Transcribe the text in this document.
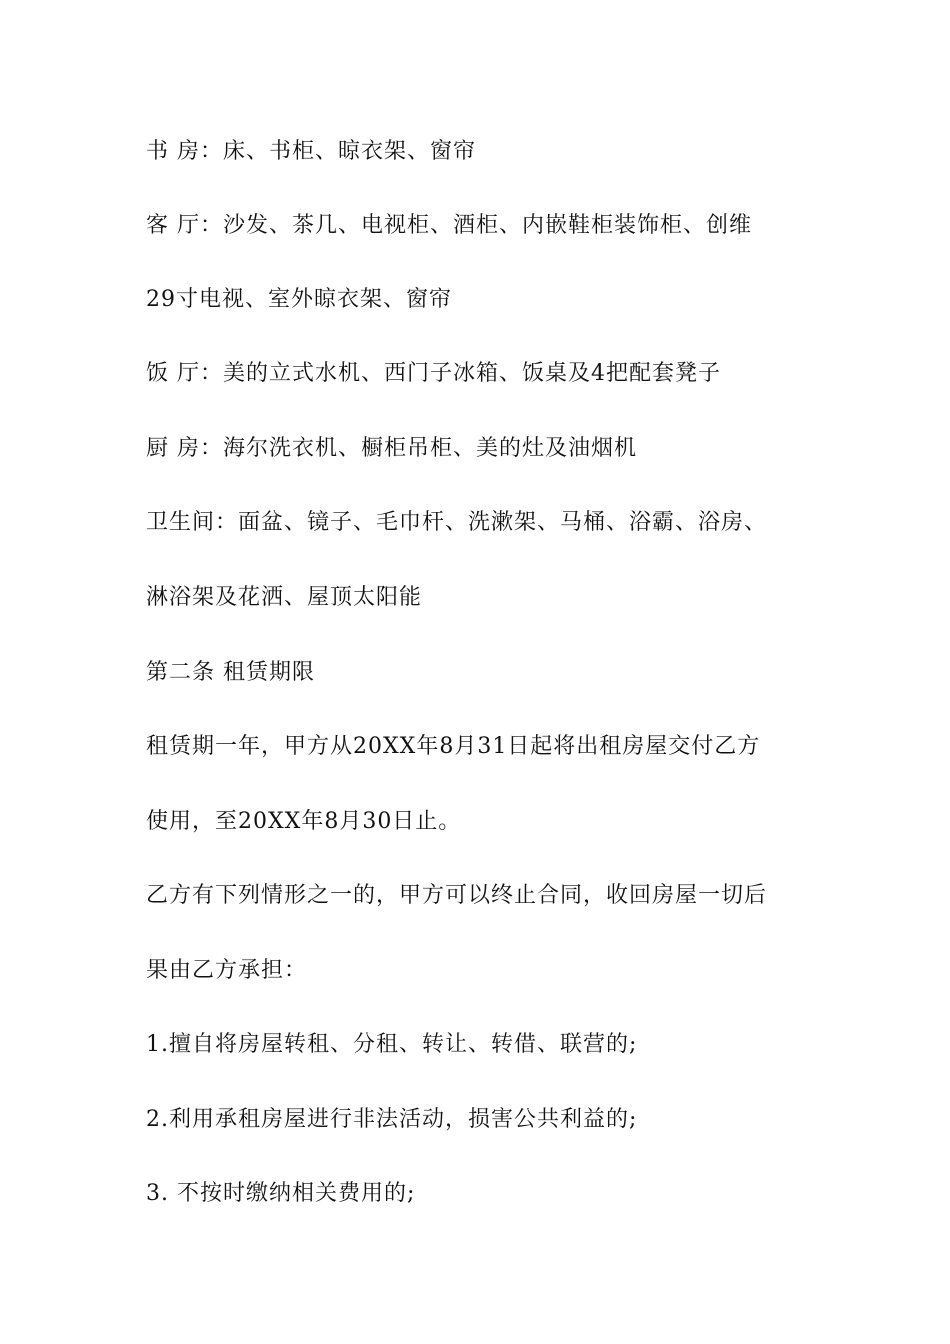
书 房：床、书柜、晾衣架、窗帘
客 厅：沙发、茶几、电视柜、酒柜、内嵌鞋柜装饰柜、创维
29寸电视、室外晾衣架、窗帘
饭 厅：美的立式水机、西门子冰箱、饭桌及4把配套凳子
厨 房：海尔洗衣机、橱柜吊柜、美的灶及油烟机
卫生间：面盆、镜子、毛巾杆、洗漱架、马桶、浴霸、浴房、
淋浴架及花洒、屋顶太阳能
第二条 租赁期限
租赁期一年，甲方从20XX年8月31日起将出租房屋交付乙方
使用，至20XX年8月30日止。
乙方有下列情形之一的，甲方可以终止合同，收回房屋一切后
果由乙方承担：
1.擅自将房屋转租、分租、转让、转借、联营的;
2.利用承租房屋进行非法活动，损害公共利益的;
3. 不按时缴纳相关费用的;
